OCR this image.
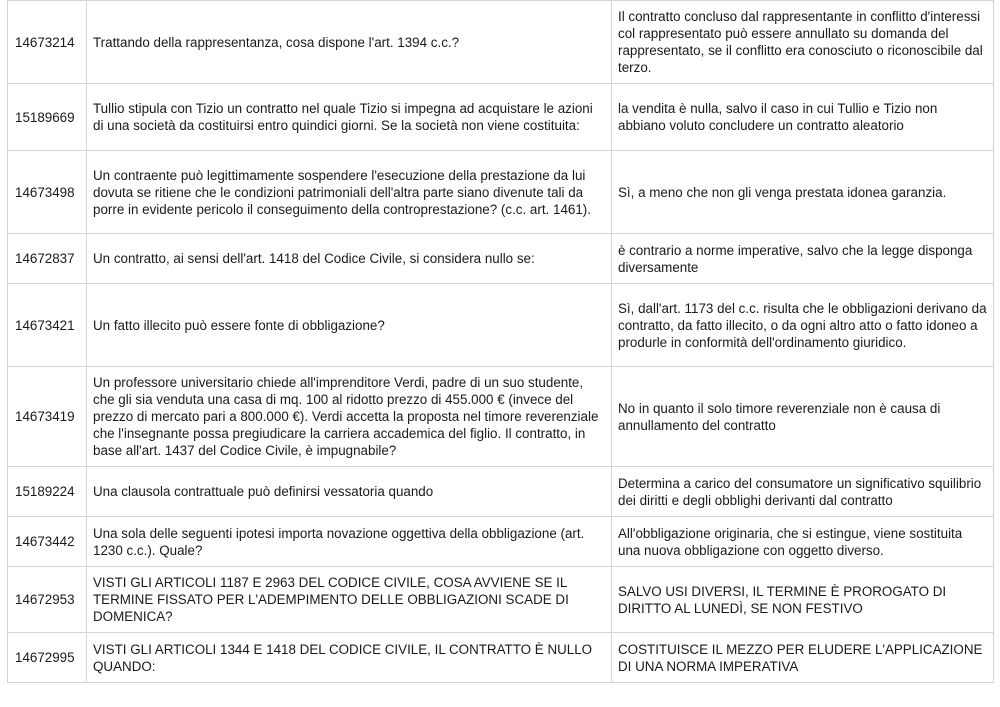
14673214	Trattando della rappresentanza, cosa dispone l'art. 1394 c.c.?	Il contratto concluso dal rappresentante in conflitto d'interessi col rappresentato può essere annullato su domanda del rappresentato, se il conflitto era conosciuto o riconoscibile dal terzo.
15189669	Tullio stipula con Tizio un contratto nel quale Tizio si impegna ad acquistare le azioni di una società da costituirsi entro quindici giorni. Se la società non viene costituita:	la vendita è nulla, salvo il caso in cui Tullio e Tizio non abbiano voluto concludere un contratto aleatorio
14673498	Un contraente può legittimamente sospendere l'esecuzione della prestazione da lui dovuta se ritiene che le condizioni patrimoniali dell'altra parte siano divenute tali da porre in evidente pericolo il conseguimento della controprestazione? (c.c. art. 1461).	Sì, a meno che non gli venga prestata idonea garanzia.
14672837	Un contratto, ai sensi dell'art. 1418 del Codice Civile, si considera nullo se:	è contrario a norme imperative, salvo che la legge disponga diversamente
14673421	Un fatto illecito può essere fonte di obbligazione?	Sì, dall'art. 1173 del c.c. risulta che le obbligazioni derivano da contratto, da fatto illecito, o da ogni altro atto o fatto idoneo a produrle in conformità dell'ordinamento giuridico.
14673419	Un professore universitario chiede all'imprenditore Verdi, padre di un suo studente, che gli sia venduta una casa di mq. 100 al ridotto prezzo di 455.000 € (invece del prezzo di mercato pari a 800.000 €). Verdi accetta la proposta nel timore reverenziale che l'insegnante possa pregiudicare la carriera accademica del figlio. Il contratto, in base all'art. 1437 del Codice Civile, è impugnabile?	No in quanto il solo timore reverenziale non è causa di annullamento del contratto
15189224	Una clausola contrattuale può definirsi vessatoria quando	Determina a carico del consumatore un significativo squilibrio dei diritti e degli obblighi derivanti dal contratto
14673442	Una sola delle seguenti ipotesi importa novazione oggettiva della obbligazione (art. 1230 c.c.). Quale?	All'obbligazione originaria, che si estingue, viene sostituita una nuova obbligazione con oggetto diverso.
14672953	VISTI GLI ARTICOLI 1187 E 2963 DEL CODICE CIVILE, COSA AVVIENE SE IL TERMINE FISSATO PER L'ADEMPIMENTO DELLE OBBLIGAZIONI SCADE DI DOMENICA?	SALVO USI DIVERSI, IL TERMINE È PROROGATO DI DIRITTO AL LUNEDÌ, SE NON FESTIVO
14672995	VISTI GLI ARTICOLI 1344 E 1418 DEL CODICE CIVILE, IL CONTRATTO È NULLO QUANDO:	COSTITUISCE IL MEZZO PER ELUDERE L'APPLICAZIONE DI UNA NORMA IMPERATIVA
